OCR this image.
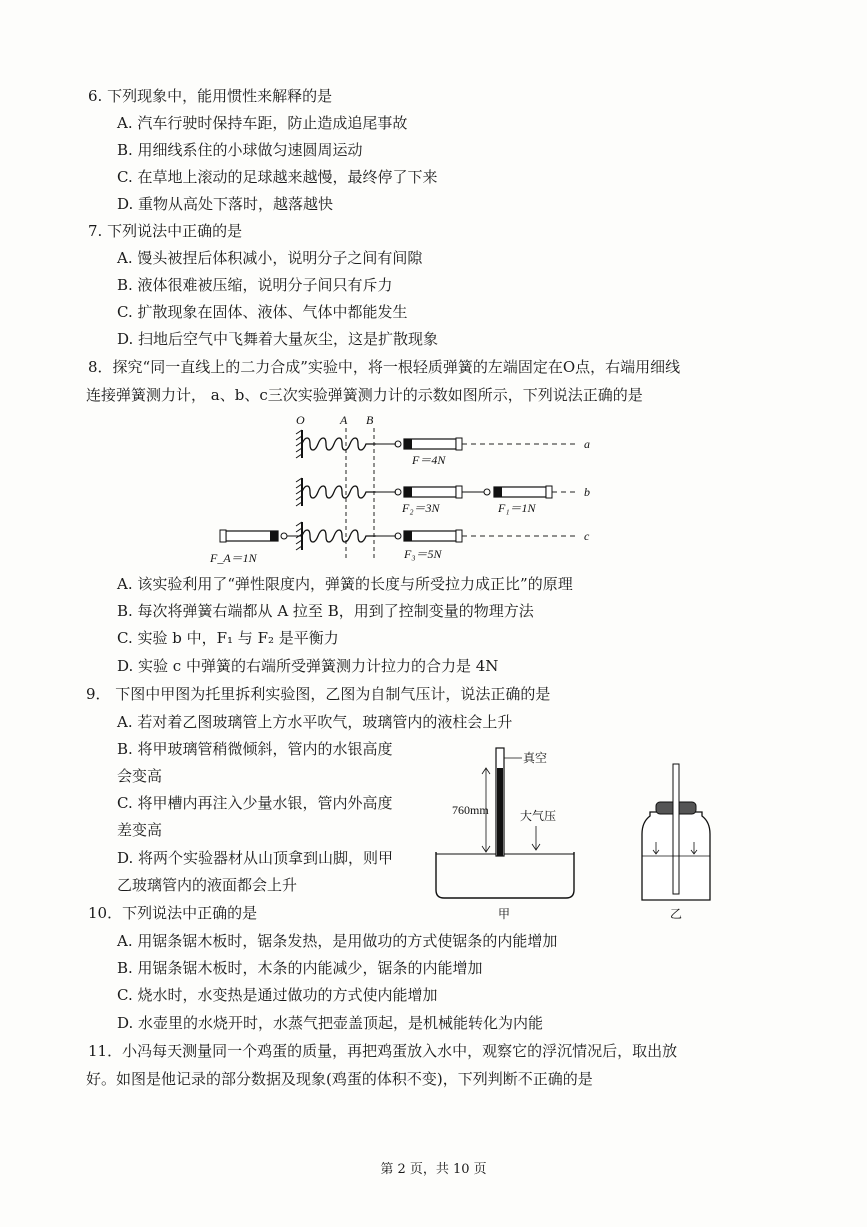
6. 下列现象中，能用惯性来解释的是
A. 汽车行驶时保持车距，防止造成追尾事故
B. 用细线系住的小球做匀速圆周运动
C. 在草地上滚动的足球越来越慢，最终停了下来
D. 重物从高处下落时，越落越快
7. 下列说法中正确的是
A. 馒头被捏后体积减小，说明分子之间有间隙
B. 液体很难被压缩，说明分子间只有斥力
C. 扩散现象在固体、液体、气体中都能发生
D. 扫地后空气中飞舞着大量灰尘，这是扩散现象
8．探究“同一直线上的二力合成”实验中，将一根轻质弹簧的左端固定在O点，右端用细线
连接弹簧测力计， a、b、c三次实验弹簧测力计的示数如图所示，下列说法正确的是
O	A B
a
F＝4N
b
F₂＝3N	F₁＝1N
c
F_A＝1N	F₃＝5N
A. 该实验利用了“弹性限度内，弹簧的长度与所受拉力成正比”的原理
B. 每次将弹簧右端都从 A 拉至 B，用到了控制变量的物理方法
C. 实验 b 中，F₁ 与 F₂ 是平衡力
D. 实验 c 中弹簧的右端所受弹簧测力计拉力的合力是 4N
9． 下图中甲图为托里拆利实验图，乙图为自制气压计，说法正确的是
A. 若对着乙图玻璃管上方水平吹气，玻璃管内的液柱会上升
B. 将甲玻璃管稍微倾斜，管内的水银高度
会变高
C. 将甲槽内再注入少量水银，管内外高度
差变高
D. 将两个实验器材从山顶拿到山脚，则甲
乙玻璃管内的液面都会上升
真空
760mm	大气压
甲	乙
10．下列说法中正确的是
A. 用锯条锯木板时，锯条发热，是用做功的方式使锯条的内能增加
B. 用锯条锯木板时，木条的内能减少，锯条的内能增加
C. 烧水时，水变热是通过做功的方式使内能增加
D. 水壶里的水烧开时，水蒸气把壶盖顶起，是机械能转化为内能
11．小冯每天测量同一个鸡蛋的质量，再把鸡蛋放入水中，观察它的浮沉情况后，取出放
好。如图是他记录的部分数据及现象(鸡蛋的体积不变)，下列判断不正确的是
第 2 页，共 10 页
